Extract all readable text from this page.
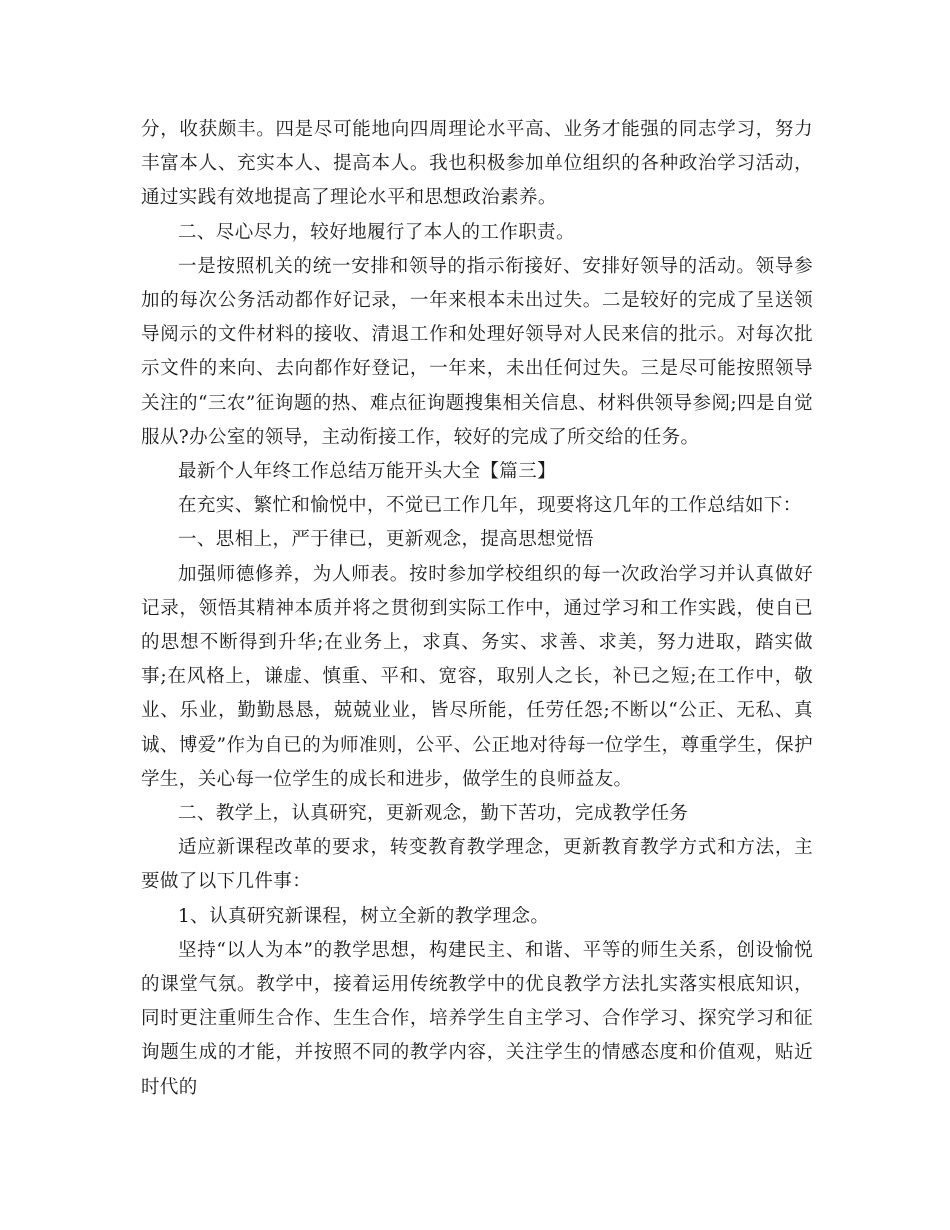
分，收获颇丰。四是尽可能地向四周理论水平高、业务才能强的同志学习，努力丰富本人、充实本人、提高本人。我也积极参加单位组织的各种政治学习活动，通过实践有效地提高了理论水平和思想政治素养。

二、尽心尽力，较好地履行了本人的工作职责。

一是按照机关的统一安排和领导的指示衔接好、安排好领导的活动。领导参加的每次公务活动都作好记录，一年来根本未出过失。二是较好的完成了呈送领导阅示的文件材料的接收、清退工作和处理好领导对人民来信的批示。对每次批示文件的来向、去向都作好登记，一年来，未出任何过失。三是尽可能按照领导关注的“三农”征询题的热、难点征询题搜集相关信息、材料供领导参阅;四是自觉服从?办公室的领导，主动衔接工作，较好的完成了所交给的任务。

最新个人年终工作总结万能开头大全【篇三】

在充实、繁忙和愉悦中，不觉已工作几年，现要将这几年的工作总结如下：

一、思相上，严于律已，更新观念，提高思想觉悟

加强师德修养，为人师表。按时参加学校组织的每一次政治学习并认真做好记录，领悟其精神本质并将之贯彻到实际工作中，通过学习和工作实践，使自已的思想不断得到升华;在业务上，求真、务实、求善、求美，努力进取，踏实做事;在风格上，谦虚、慎重、平和、宽容，取别人之长，补已之短;在工作中，敬业、乐业，勤勤恳恳，兢兢业业，皆尽所能，任劳任怨;不断以“公正、无私、真诚、博爱”作为自已的为师准则，公平、公正地对待每一位学生，尊重学生，保护学生，关心每一位学生的成长和进步，做学生的良师益友。

二、教学上，认真研究，更新观念，勤下苦功，完成教学任务

适应新课程改革的要求，转变教育教学理念，更新教育教学方式和方法，主要做了以下几件事：

1、认真研究新课程，树立全新的教学理念。

坚持“以人为本”的教学思想，构建民主、和谐、平等的师生关系，创设愉悦的课堂气氛。教学中，接着运用传统教学中的优良教学方法扎实落实根底知识，同时更注重师生合作、生生合作，培养学生自主学习、合作学习、探究学习和征询题生成的才能，并按照不同的教学内容，关注学生的情感态度和价值观，贴近时代的
